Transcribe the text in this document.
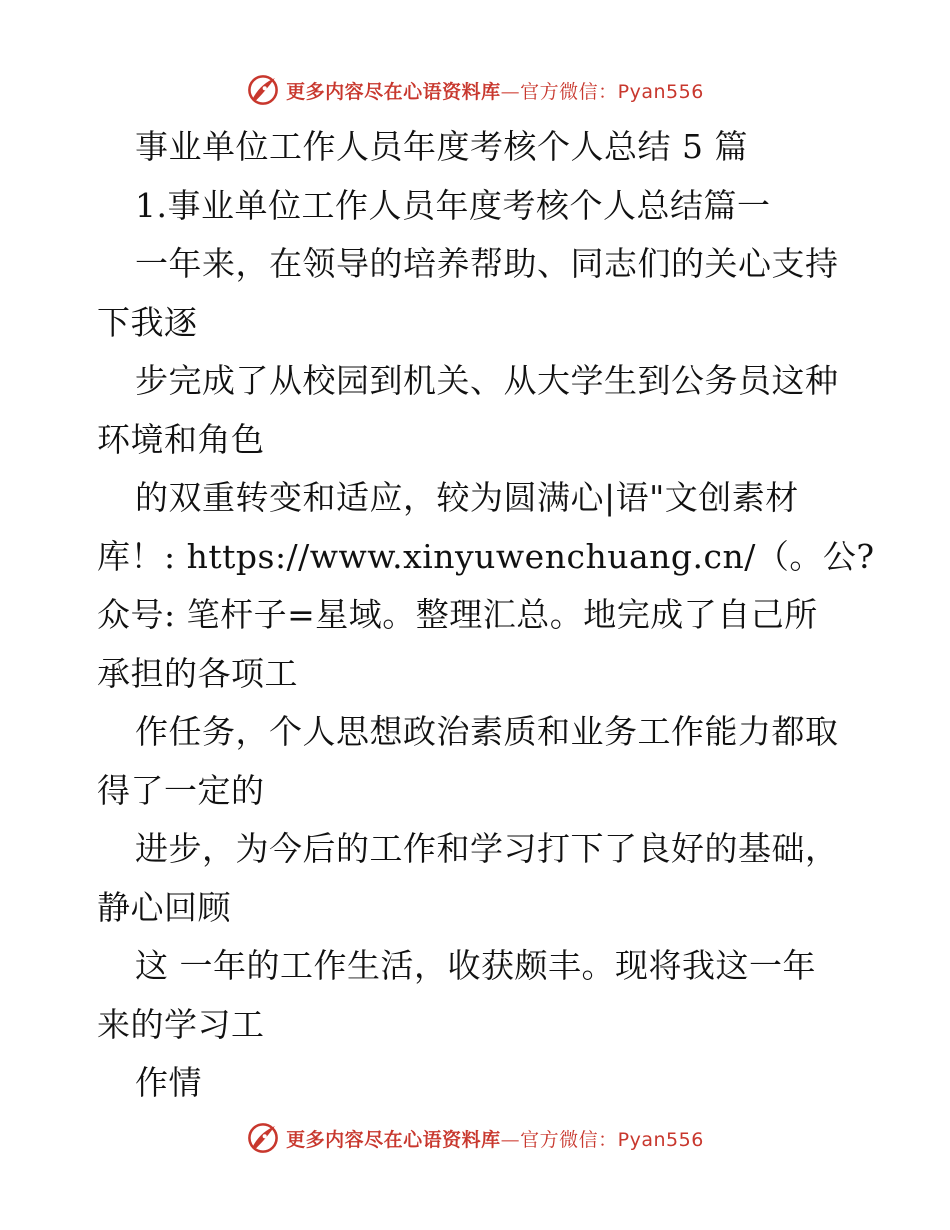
更多内容尽在心语资料库—官方微信：Pyan556
事业单位工作人员年度考核个人总结 5 篇
1.事业单位工作人员年度考核个人总结篇一
一年来，在领导的培养帮助、同志们的关心支持
下我逐
步完成了从校园到机关、从大学生到公务员这种
环境和角色
的双重转变和适应，较为圆满心|语"文创素材
库！: https://www.xinyuwenchuang.cn/（。公?
众号: 笔杆子=星域。整理汇总。地完成了自己所
承担的各项工
作任务，个人思想政治素质和业务工作能力都取
得了一定的
进步，为今后的工作和学习打下了良好的基础，
静心回顾
这 一年的工作生活，收获颇丰。现将我这一年
来的学习工
作情
更多内容尽在心语资料库—官方微信：Pyan556
